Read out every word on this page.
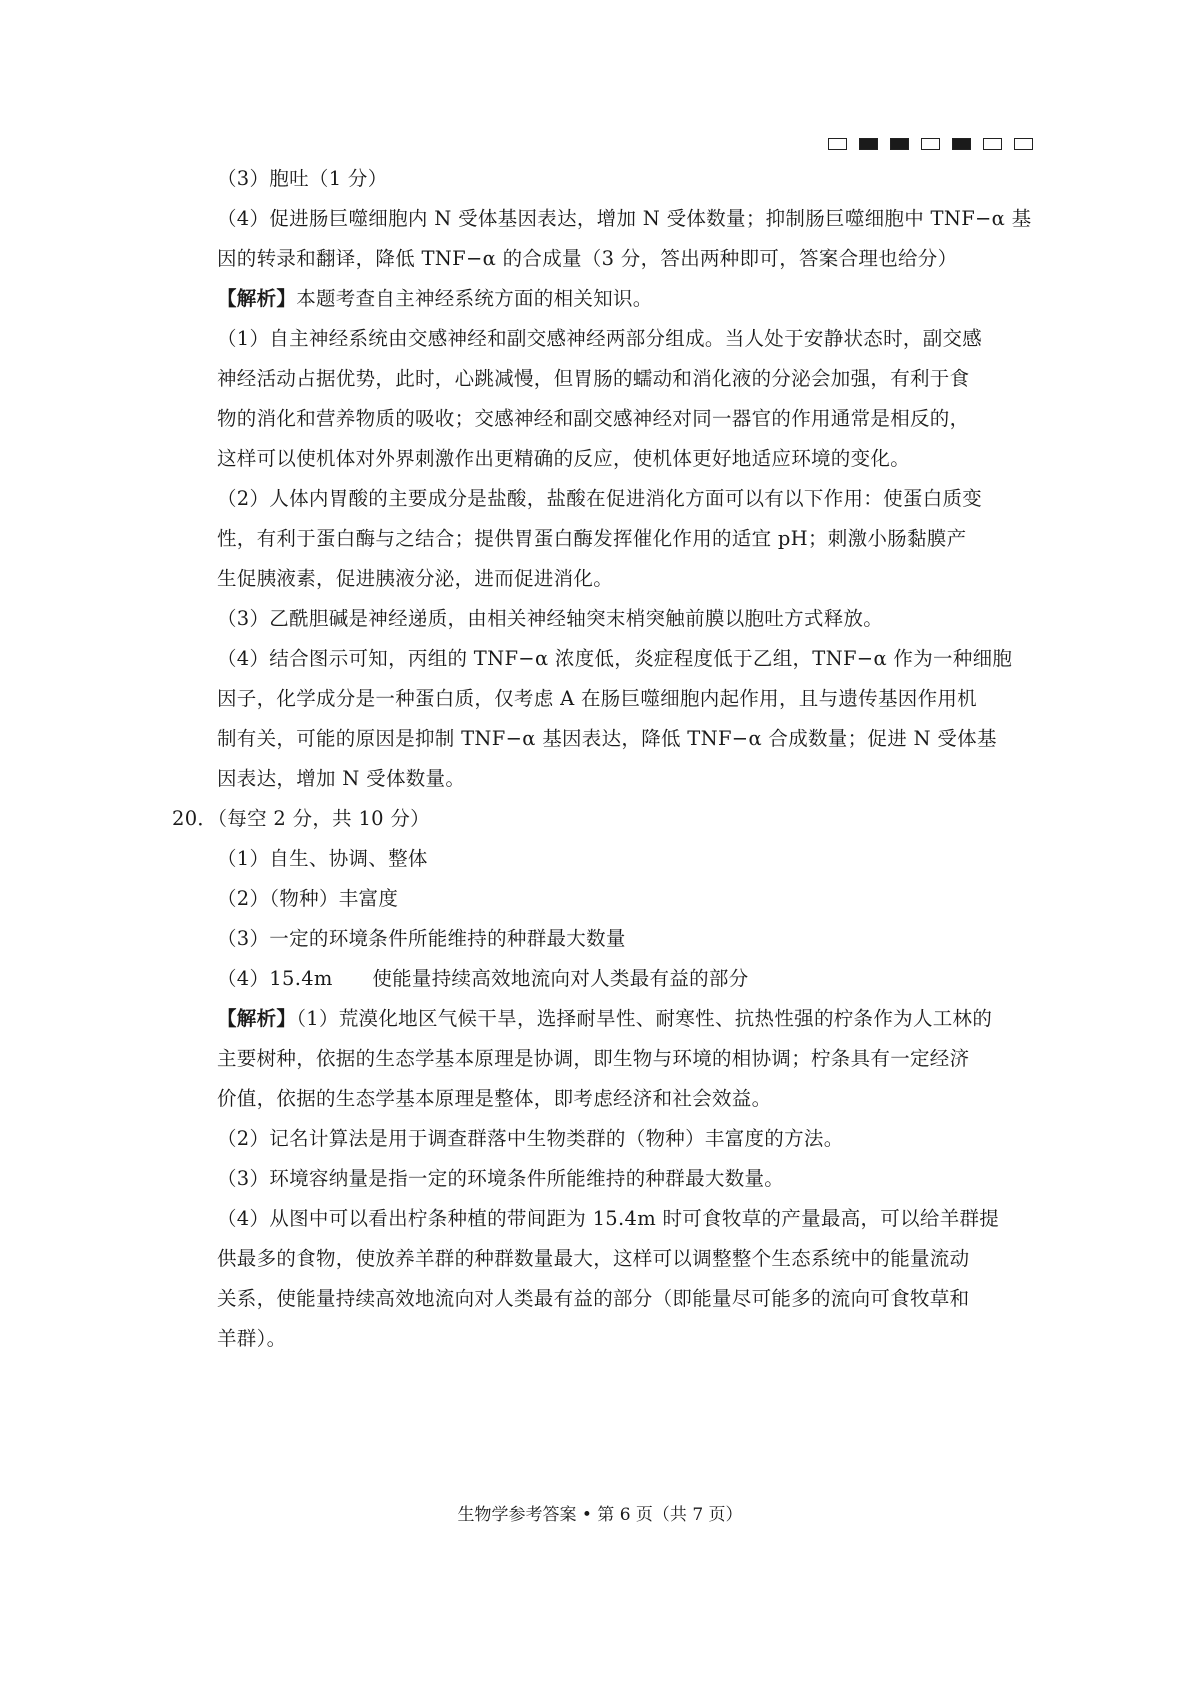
（3）胞吐（1 分）
（4）促进肠巨噬细胞内 N 受体基因表达，增加 N 受体数量；抑制肠巨噬细胞中 TNF−α 基
因的转录和翻译，降低 TNF−α 的合成量（3 分，答出两种即可，答案合理也给分）
【解析】本题考查自主神经系统方面的相关知识。
（1）自主神经系统由交感神经和副交感神经两部分组成。当人处于安静状态时，副交感
神经活动占据优势，此时，心跳减慢，但胃肠的蠕动和消化液的分泌会加强，有利于食
物的消化和营养物质的吸收；交感神经和副交感神经对同一器官的作用通常是相反的，
这样可以使机体对外界刺激作出更精确的反应，使机体更好地适应环境的变化。
（2）人体内胃酸的主要成分是盐酸，盐酸在促进消化方面可以有以下作用：使蛋白质变
性，有利于蛋白酶与之结合；提供胃蛋白酶发挥催化作用的适宜 pH；刺激小肠黏膜产
生促胰液素，促进胰液分泌，进而促进消化。
（3）乙酰胆碱是神经递质，由相关神经轴突末梢突触前膜以胞吐方式释放。
（4）结合图示可知，丙组的 TNF−α 浓度低，炎症程度低于乙组，TNF−α 作为一种细胞
因子，化学成分是一种蛋白质，仅考虑 A 在肠巨噬细胞内起作用，且与遗传基因作用机
制有关，可能的原因是抑制 TNF−α 基因表达，降低 TNF−α 合成数量；促进 N 受体基
因表达，增加 N 受体数量。
20．（每空 2 分，共 10 分）
（1）自生、协调、整体
（2）（物种）丰富度
（3）一定的环境条件所能维持的种群最大数量
（4）15.4m　　使能量持续高效地流向对人类最有益的部分
【解析】（1）荒漠化地区气候干旱，选择耐旱性、耐寒性、抗热性强的柠条作为人工林的
主要树种，依据的生态学基本原理是协调，即生物与环境的相协调；柠条具有一定经济
价值，依据的生态学基本原理是整体，即考虑经济和社会效益。
（2）记名计算法是用于调查群落中生物类群的（物种）丰富度的方法。
（3）环境容纳量是指一定的环境条件所能维持的种群最大数量。
（4）从图中可以看出柠条种植的带间距为 15.4m 时可食牧草的产量最高，可以给羊群提
供最多的食物，使放养羊群的种群数量最大，这样可以调整整个生态系统中的能量流动
关系，使能量持续高效地流向对人类最有益的部分（即能量尽可能多的流向可食牧草和
羊群）。
生物学参考答案 • 第 6 页（共 7 页）
